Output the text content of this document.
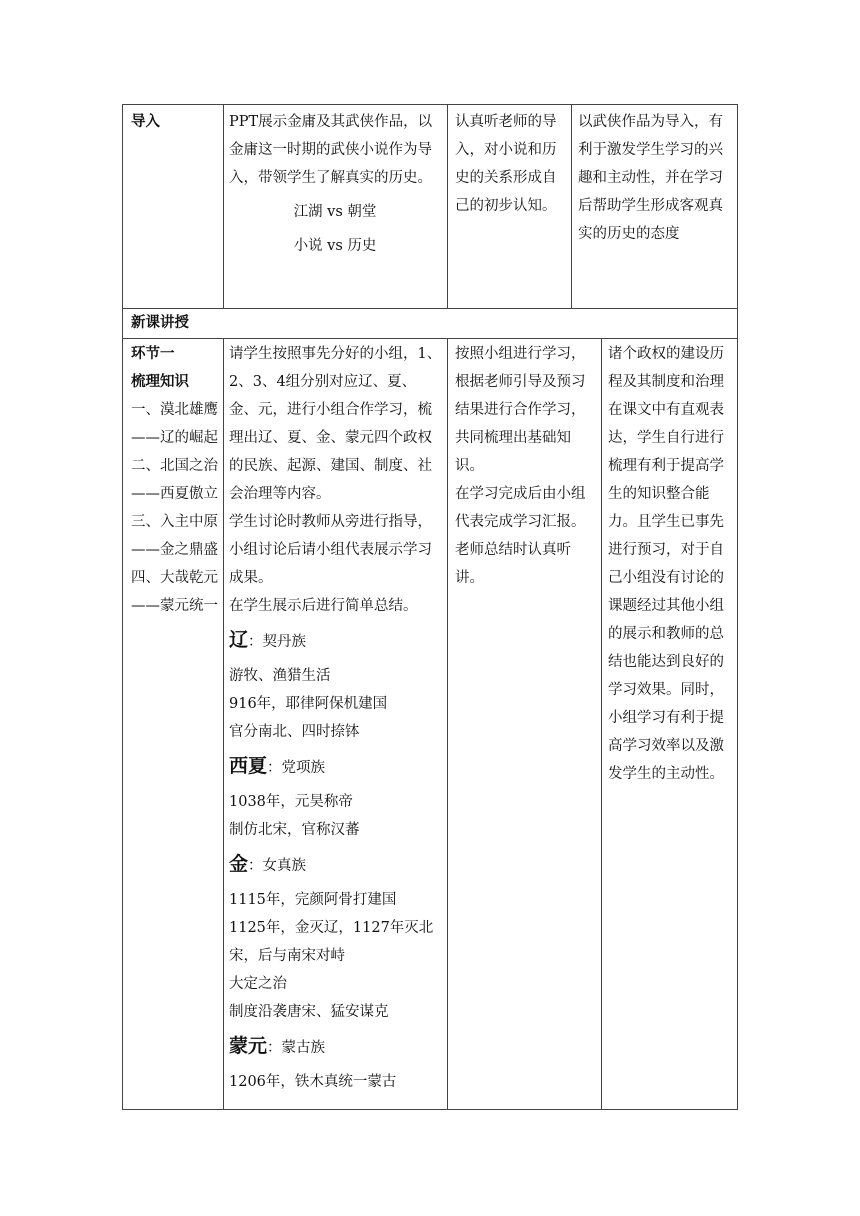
导入	PPT展示金庸及其武侠作品，以金庸这一时期的武侠小说作为导入，带领学生了解真实的历史。

江湖 vs 朝堂

小说 vs 历史

认真听老师的导入，对小说和历史的关系形成自己的初步认知。
以武侠作品为导入，有利于激发学生学习的兴趣和主动性，并在学习后帮助学生形成客观真实的历史的态度
新课讲授
环节一
梳理知识
一、漠北雄鹰——辽的崛起
二、北国之治——西夏傲立
三、入主中原——金之鼎盛
四、大哉乾元——蒙元统一

请学生按照事先分好的小组，1、2、3、4组分别对应辽、夏、金、元，进行小组合作学习，梳理出辽、夏、金、蒙元四个政权的民族、起源、建国、制度、社会治理等内容。

学生讨论时教师从旁进行指导，小组讨论后请小组代表展示学习成果。

在学生展示后进行简单总结。

辽：契丹族

游牧、渔猎生活

916年，耶律阿保机建国

官分南北、四时捺钵

西夏：党项族

1038年，元昊称帝

制仿北宋，官称汉蕃

金：女真族

1115年，完颜阿骨打建国

1125年，金灭辽，1127年灭北宋，后与南宋对峙

大定之治

制度沿袭唐宋、猛安谋克

蒙元：蒙古族

1206年，铁木真统一蒙古

按照小组进行学习，根据老师引导及预习结果进行合作学习，共同梳理出基础知识。

在学习完成后由小组代表完成学习汇报。

老师总结时认真听讲。

诸个政权的建设历程及其制度和治理在课文中有直观表达，学生自行进行梳理有利于提高学生的知识整合能力。且学生已事先进行预习，对于自己小组没有讨论的课题经过其他小组的展示和教师的总结也能达到良好的学习效果。同时，小组学习有利于提高学习效率以及激发学生的主动性。
